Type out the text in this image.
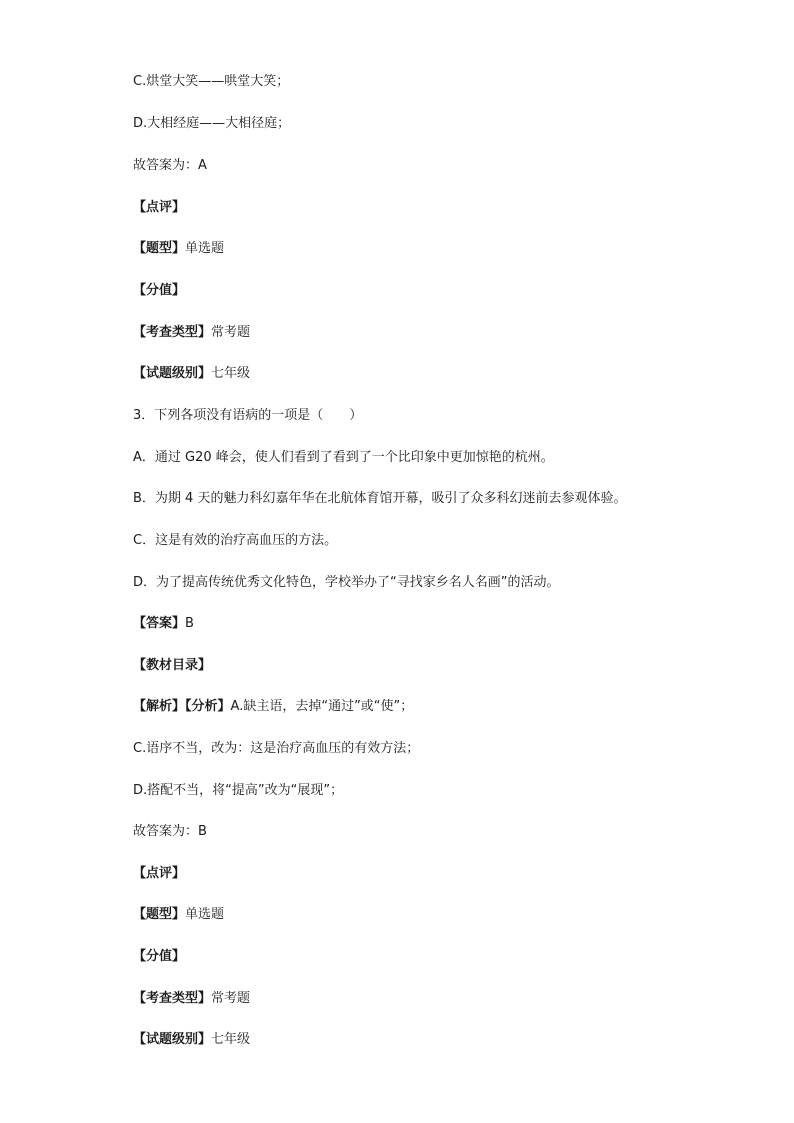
C.烘堂大笑——哄堂大笑；
D.大相经庭——大相径庭；
故答案为：A
【点评】
【题型】单选题
【分值】
【考查类型】常考题
【试题级别】七年级
3．下列各项没有语病的一项是（　　）
A．通过 G20 峰会，使人们看到了看到了一个比印象中更加惊艳的杭州。
B．为期 4 天的魅力科幻嘉年华在北航体育馆开幕，吸引了众多科幻迷前去参观体验。
C．这是有效的治疗高血压的方法。
D．为了提高传统优秀文化特色，学校举办了“寻找家乡名人名画”的活动。
【答案】B
【教材目录】
【解析】【分析】A.缺主语，去掉“通过”或“使”；
C.语序不当，改为：这是治疗高血压的有效方法；
D.搭配不当，将“提高”改为“展现”；
故答案为：B
【点评】
【题型】单选题
【分值】
【考查类型】常考题
【试题级别】七年级
